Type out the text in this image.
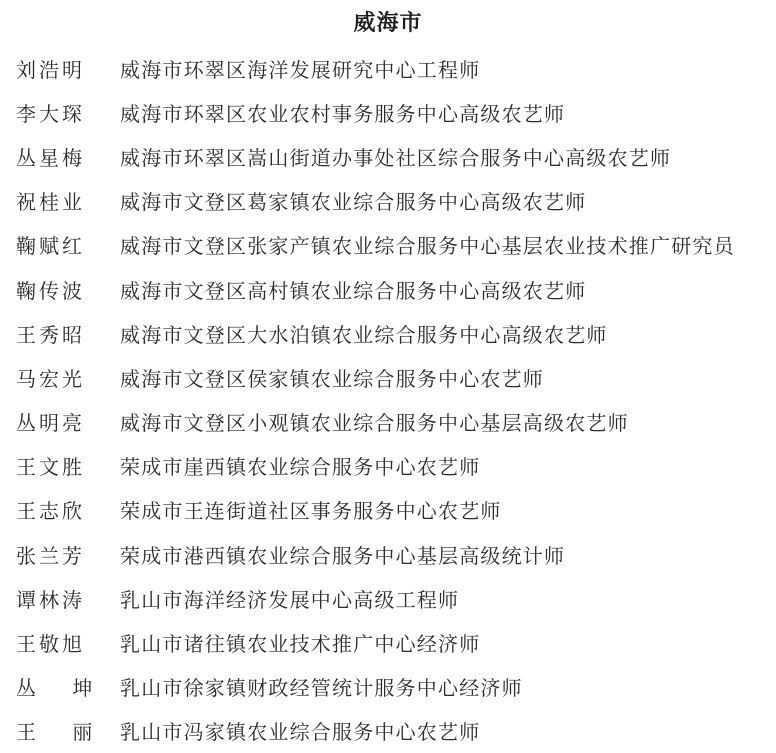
威海市
刘浩明 威海市环翠区海洋发展研究中心工程师
李大琛 威海市环翠区农业农村事务服务中心高级农艺师
丛星梅 威海市环翠区嵩山街道办事处社区综合服务中心高级农艺师
祝桂业 威海市文登区葛家镇农业综合服务中心高级农艺师
鞠赋红 威海市文登区张家产镇农业综合服务中心基层农业技术推广研究员
鞠传波 威海市文登区高村镇农业综合服务中心高级农艺师
王秀昭 威海市文登区大水泊镇农业综合服务中心高级农艺师
马宏光 威海市文登区侯家镇农业综合服务中心农艺师
丛明亮 威海市文登区小观镇农业综合服务中心基层高级农艺师
王文胜 荣成市崖西镇农业综合服务中心农艺师
王志欣 荣成市王连街道社区事务服务中心农艺师
张兰芳 荣成市港西镇农业综合服务中心基层高级统计师
谭林涛 乳山市海洋经济发展中心高级工程师
王敬旭 乳山市诸往镇农业技术推广中心经济师
丛 坤 乳山市徐家镇财政经管统计服务中心经济师
王 丽 乳山市冯家镇农业综合服务中心农艺师
